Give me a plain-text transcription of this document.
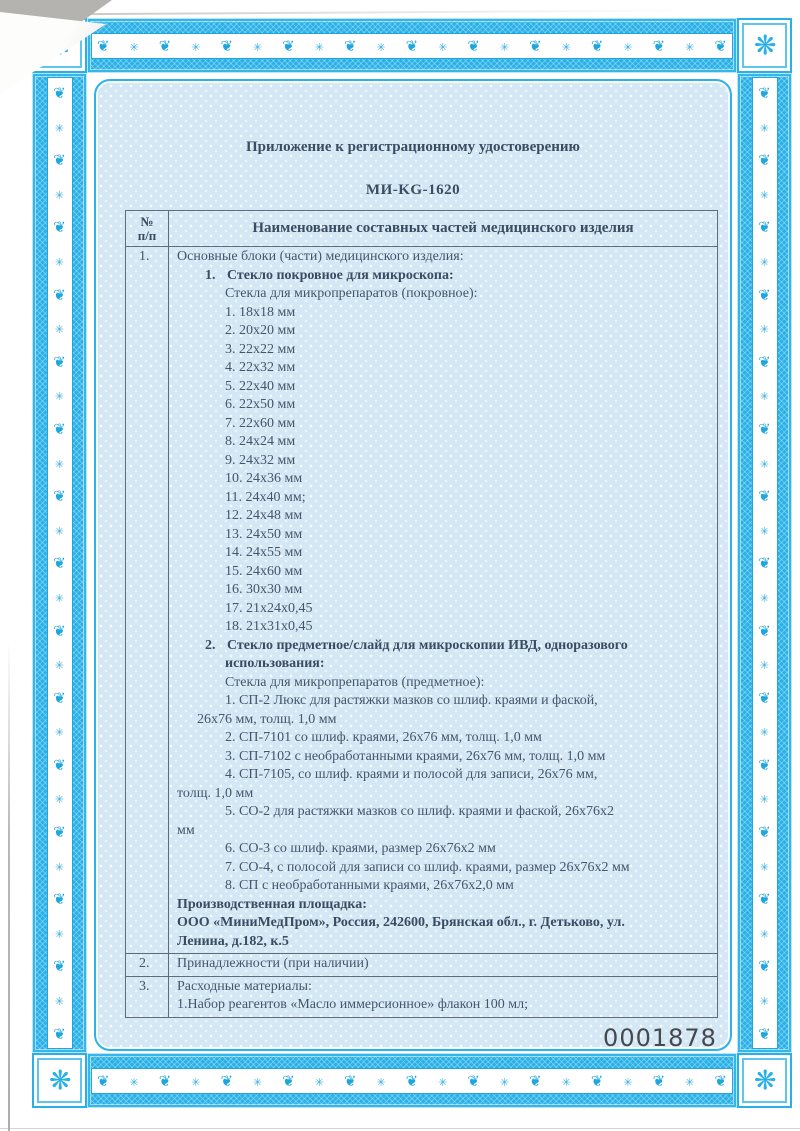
❦
✳
❦
✳
❦
✳
❦
✳
❦
✳
❦
✳
❦
✳
❦
✳
❦
✳
❦
✳
❦
❦
✳
❦
✳
❦
✳
❦
✳
❦
✳
❦
✳
❦
✳
❦
✳
❦
✳
❦
✳
❦
❦
✳
❦
✳
❦
✳
❦
✳
❦
✳
❦
✳
❦
✳
❦
✳
❦
✳
❦
✳
❦
✳
❦
✳
❦
✳
❦
✳
❦
❦
✳
❦
✳
❦
✳
❦
✳
❦
✳
❦
✳
❦
✳
❦
✳
❦
✳
❦
✳
❦
✳
❦
✳
❦
✳
❦
✳
❦
❋
❋
❋
❋
Приложение к регистрационному удостоверению
МИ-KG-1620
№
п/п	Наименование составных частей медицинского изделия
1.	Основные блоки (части) медицинского изделия:
1. Стекло покровное для микроскопа:
Стекла для микропрепаратов (покровное):
1. 18х18 мм
2. 20х20 мм
3. 22х22 мм
4. 22х32 мм
5. 22х40 мм
6. 22х50 мм
7. 22х60 мм
8. 24х24 мм
9. 24х32 мм
10. 24х36 мм
11. 24х40 мм;
12. 24х48 мм
13. 24х50 мм
14. 24х55 мм
15. 24х60 мм
16. 30х30 мм
17. 21х24х0,45
18. 21х31х0,45
2. Стекло предметное/слайд для микроскопии ИВД, одноразового
использования:
Стекла для микропрепаратов (предметное):
1. СП-2 Люкс для растяжки мазков со шлиф. краями и фаской,
26х76 мм, толщ. 1,0 мм
2. СП-7101 со шлиф. краями, 26х76 мм, толщ. 1,0 мм
3. СП-7102 с необработанными краями, 26х76 мм, толщ. 1,0 мм
4. СП-7105, со шлиф. краями и полосой для записи, 26х76 мм,
толщ. 1,0 мм
5. СО-2 для растяжки мазков со шлиф. краями и фаской, 26х76х2
мм
6. СО-3 со шлиф. краями, размер 26х76х2 мм
7. СО-4, с полосой для записи со шлиф. краями, размер 26х76х2 мм
8. СП с необработанными краями, 26х76х2,0 мм
Производственная площадка:
ООО «МиниМедПром», Россия, 242600, Брянская обл., г. Детьково, ул.
Ленина, д.182, к.5

2.	Принадлежности (при наличии)

3.	Расходные материалы:
1.Набор реагентов «Масло иммерсионное» флакон 100 мл;
0001878
